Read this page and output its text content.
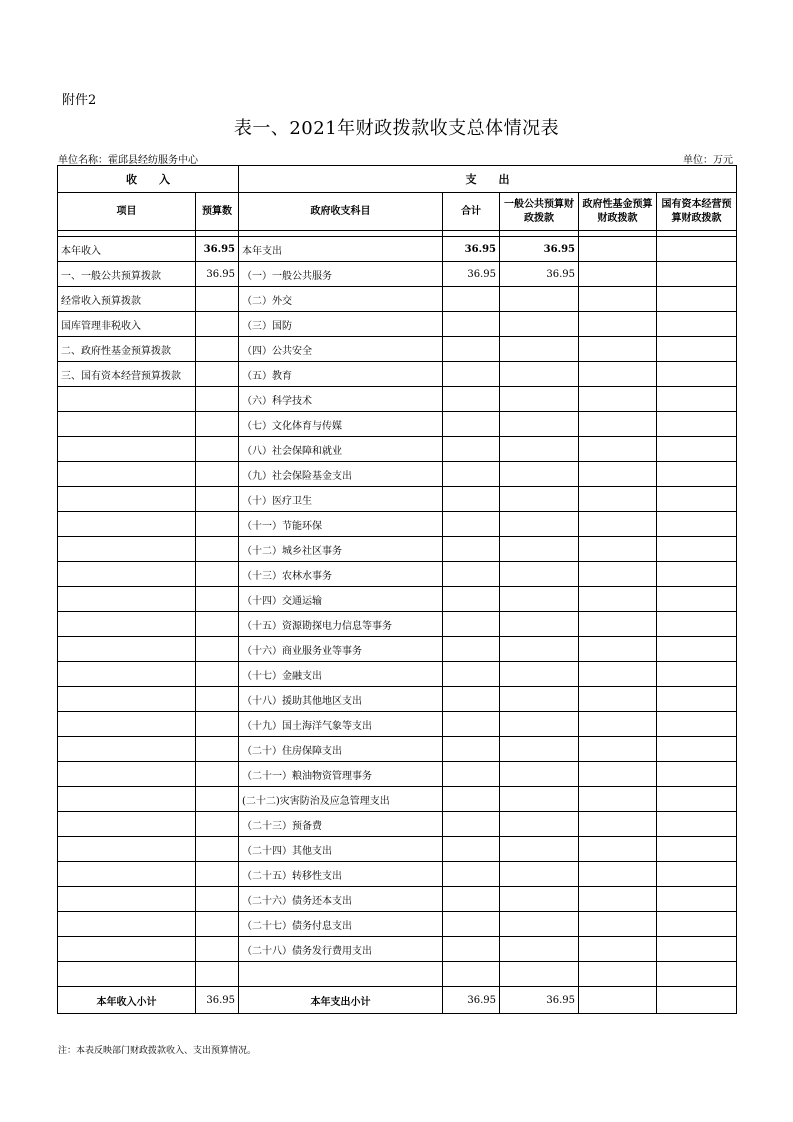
附件2
表一、2021年财政拨款收支总体情况表
单位名称：霍邱县经纺服务中心	单位：万元
收　　入		支　　出				
项目	预算数	政府收支科目	合计	一般公共预算财政拨款	政府性基金预算财政拨款	国有资本经营预算财政拨款

本年收入	36.95	本年支出	36.95	36.95		
一、一般公共预算拨款	36.95	（一）一般公共服务	36.95	36.95		
经常收入预算拨款		（二）外交				
国库管理非税收入		（三）国防				
二、政府性基金预算拨款		（四）公共安全				
三、国有资本经营预算拨款		（五）教育				
		（六）科学技术				
		（七）文化体育与传媒				
		（八）社会保障和就业				
		（九）社会保险基金支出				
		（十）医疗卫生				
		（十一）节能环保				
		（十二）城乡社区事务				
		（十三）农林水事务				
		（十四）交通运输				
		（十五）资源勘探电力信息等事务				
		（十六）商业服务业等事务				
		（十七）金融支出				
		（十八）援助其他地区支出				
		（十九）国土海洋气象等支出				
		（二十）住房保障支出				
		（二十一）粮油物资管理事务				
		(二十二)灾害防治及应急管理支出				
		（二十三）预备费				
		（二十四）其他支出				
		（二十五）转移性支出				
		（二十六）债务还本支出				
		（二十七）债务付息支出				
		（二十八）债务发行费用支出				

本年收入小计	36.95	本年支出小计	36.95	36.95		
注：本表反映部门财政拨款收入、支出预算情况。
